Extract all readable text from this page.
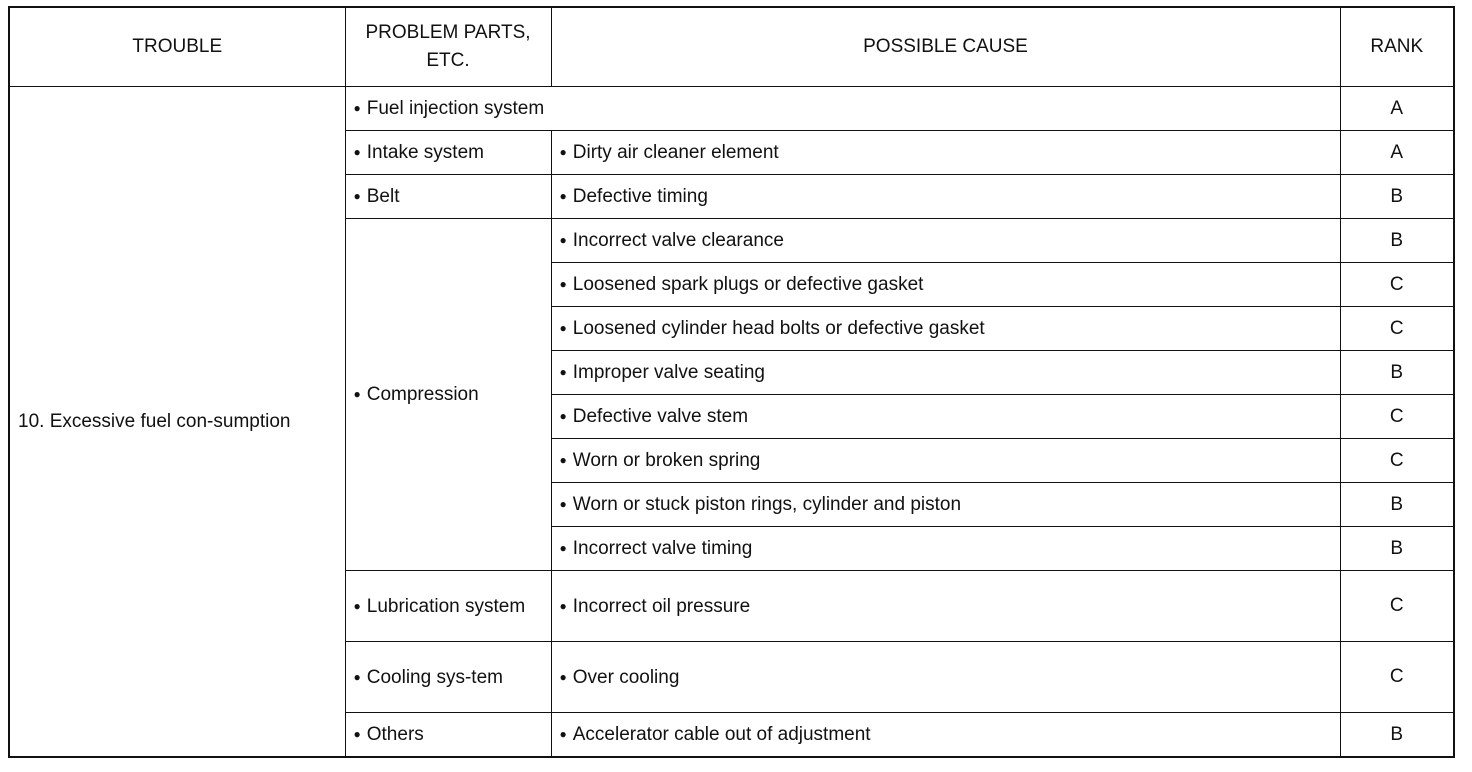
TROUBLE	PROBLEM PARTS, ETC.	POSSIBLE CAUSE	RANK
10. Excessive fuel con-sumption	● Fuel injection system		A
	● Intake system	● Dirty air cleaner element	A
	● Belt	● Defective timing	B
	● Compression	● Incorrect valve clearance	B
		● Loosened spark plugs or defective gasket	C
		● Loosened cylinder head bolts or defective gasket	C
		● Improper valve seating	B
		● Defective valve stem	C
		● Worn or broken spring	C
		● Worn or stuck piston rings, cylinder and piston	B
		● Incorrect valve timing	B
	● Lubrication system	● Incorrect oil pressure	C
	● Cooling sys-tem	● Over cooling	C
	● Others	● Accelerator cable out of adjustment	B
